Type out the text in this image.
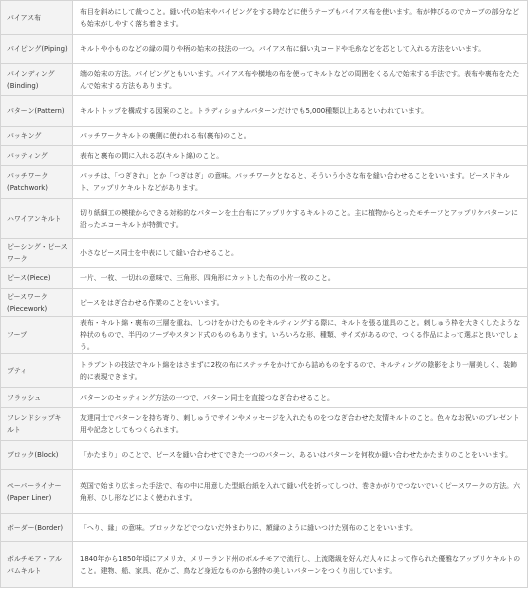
バイアス布	布目を斜めにして裁つこと。縫い代の始末やパイピングをする時などに使うテープもバイアス布を使います。布が伸びるのでカーブの部分なども始末がしやすく落ち着きます。
パイピング(Piping)	キルトや小ものなどの縁の周りや柄の始末の技法の一つ。バイアス布に細い丸コードや毛糸などを芯として入れる方法をいいます。
バインディング(Binding)	端の始末の方法。パイピングともいいます。バイアス布や横地の布を使ってキルトなどの周囲をくるんで始末する手法です。表布や裏布をたたんで始末する方法もあります。
パターン(Pattern)	キルトトップを構成する図案のこと。トラディショナルパターンだけでも5,000種類以上あるといわれています。
バッキング	パッチワークキルトの裏側に使われる布(裏布)のこと。
バッティング	表布と裏布の間に入れる芯(キルト綿)のこと。
パッチワーク(Patchwork)	パッチは、「つぎきれ」とか「つぎはぎ」の意味。パッチワークとなると、そういう小さな布を縫い合わせることをいいます。ピースドキルト、アップリケキルトなどがあります。
ハワイアンキルト	切り紙細工の模様からできる対称的なパターンを土台布にアップリケするキルトのこと。主に植物からとったモチーフとアップリケパターンに沿ったエコーキルトが特徴です。
ピーシング・ピースワーク	小さなピース同士を中表にして縫い合わせること。
ピース(Piece)	一片、一枚、一切れの意味で、三角形、四角形にカットした布の小片一枚のこと。
ピースワーク(Piecework)	ピースをはぎ合わせる作業のことをいいます。
フープ	表布・キルト綿・裏布の三層を重ね、しつけをかけたものをキルティングする際に、キルトを張る道具のこと。刺しゅう枠を大きくしたような枠状のもので、半円のフープやスタンド式のものもあります。いろいろな形、種類、サイズがあるので、つくる作品によって選ぶと良いでしょう。
ブティ	トラプントの技法でキルト綿をはさまずに2枚の布にステッチをかけてから詰めものをするので、キルティングの陰影をより一層美しく、装飾的に表現できます。
フラッシュ	パターンのセッティング方法の一つで、パターン同士を直接つなぎ合わせること。
フレンドシップキルト	友達同士でパターンを持ち寄り、刺しゅうでサインやメッセージを入れたものをつなぎ合わせた友情キルトのこと。色々なお祝いのプレゼント用や記念としてもつくられます。
ブロック(Block)	「かたまり」のことで、ピースを縫い合わせてできた一つのパターン、あるいはパターンを何枚か縫い合わせたかたまりのことをいいます。
ペーパーライナー(Paper Liner)	英国で始まり広まった手法で、布の中に用意した型紙台紙を入れて縫い代を折ってしつけ、巻きかがりでつないでいくピースワークの方法。六角形、ひし形などによく使われます。
ボーダー(Border)	「へり、縁」の意味。ブロックなどでつないだ外まわりに、額縁のように縫いつけた別布のことをいいます。
ボルチモア・アルバムキルト	1840年から1850年頃にアメリカ、メリーランド州のボルチモアで流行し、上流階級を好んだ人々によって作られた優雅なアップリケキルトのこと。建物、船、家具、花かご、鳥など身近なものから独特の美しいパターンをつくり出しています。
